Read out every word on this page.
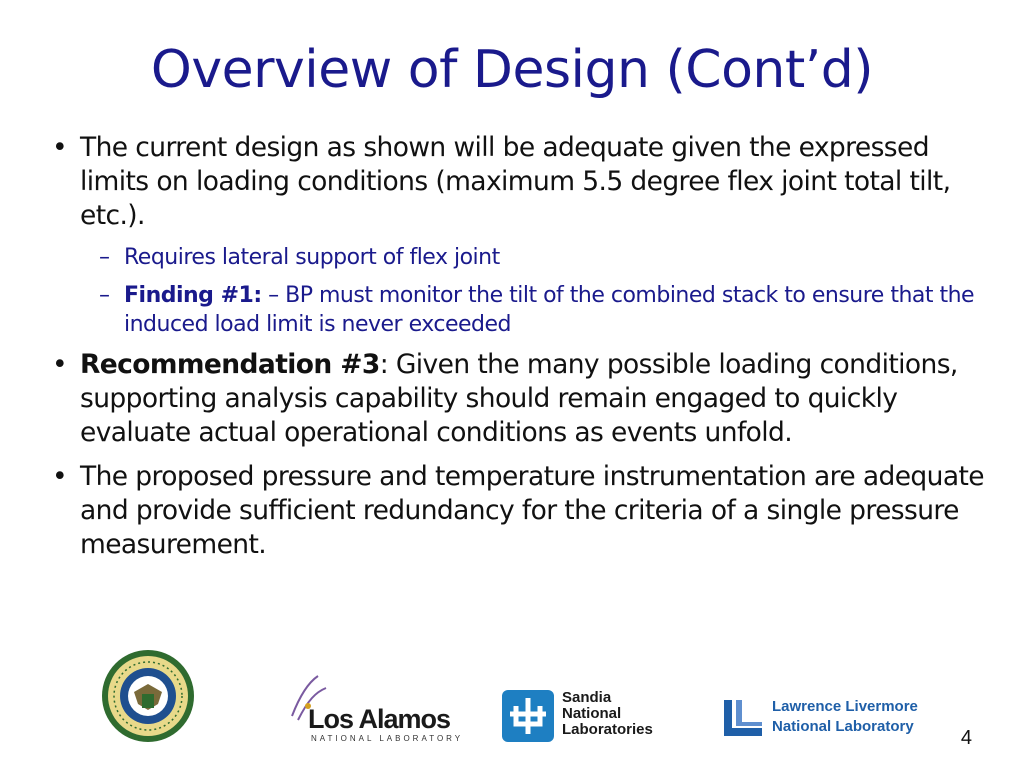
Overview of Design (Cont’d)
• The current design as shown will be adequate given the expressed limits on loading conditions (maximum 5.5 degree flex joint total tilt, etc.).
– Requires lateral support of flex joint
– Finding #1: – BP must monitor the tilt of the combined stack to ensure that the induced load limit is never exceeded
• Recommendation #3: Given the many possible loading conditions, supporting analysis capability should remain engaged to quickly evaluate actual operational conditions as events unfold.
• The proposed pressure and temperature instrumentation are adequate and provide sufficient redundancy for the criteria of a single pressure measurement.
Los Alamos
NATIONAL LABORATORY
Sandia
National
Laboratories
Lawrence Livermore
National Laboratory
4
